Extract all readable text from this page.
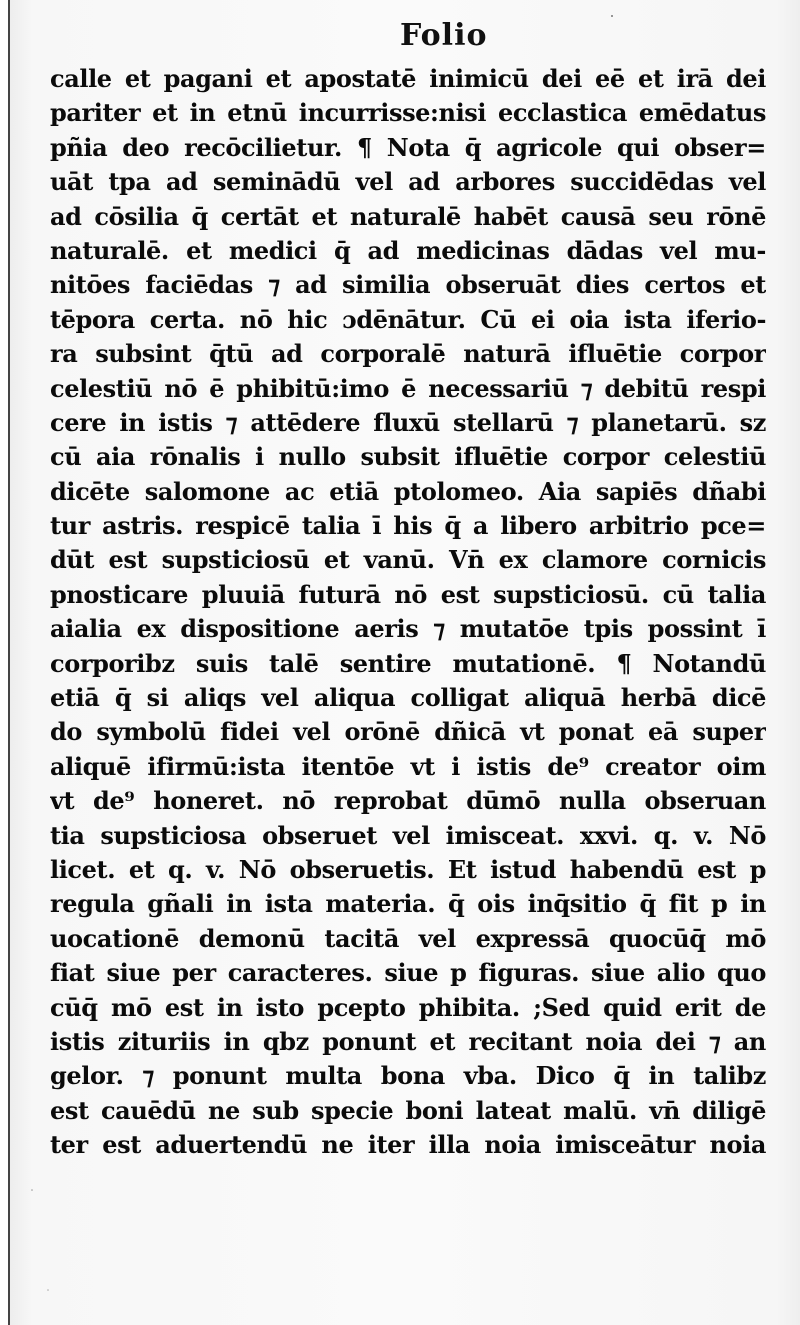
Folio
calle et pagani et apostatē inimicū dei eē et irā dei
pariter et in etnū incurrisse:nisi ecclastica emēdatus
pñia deo recōcilietur. ¶ Nota q̄ agricole qui obser=
uāt tpa ad seminādū vel ad arbores succidēdas vel
ad cōsilia q̄ certāt et naturalē habēt causā seu rōnē
naturalē. et medici q̄ ad medicinas dādas vel mu-
nitōes faciēdas ⁊ ad similia obseruāt dies certos et
tēpora certa. nō hic ɔdēnātur. Cū ei oia ista iferio-
ra subsint q̄tū ad corporalē naturā ifluētie corpor
celestiū nō ē phibitū:imo ē necessariū ⁊ debitū respi
cere in istis ⁊ attēdere fluxū stellarū ⁊ planetarū. sz
cū aia rōnalis i nullo subsit ifluētie corpor celestiū
dicēte salomone ac etiā ptolomeo. Aia sapiēs dñabi
tur astris. respicē talia ī his q̄ a libero arbitrio pce=
dūt est supsticiosū et vanū. Vn̄ ex clamore cornicis
pnosticare pluuiā futurā nō est supsticiosū. cū talia
aialia ex dispositione aeris ⁊ mutatōe tpis possint ī
corporibz suis talē sentire mutationē. ¶ Notandū
etiā q̄ si aliqs vel aliqua colligat aliquā herbā dicē
do symbolū fidei vel orōnē dñicā vt ponat eā super
aliquē ifirmū:ista itentōe vt i istis de⁹ creator oim
vt de⁹ honeret. nō reprobat dūmō nulla obseruan
tia supsticiosa obseruet vel imisceat. xxvi. q. v. Nō
licet. et q. v. Nō obseruetis. Et istud habendū est p
regula gñali in ista materia. q̄ ois inq̄sitio q̄ fit p in
uocationē demonū tacitā vel expressā quocūq̄ mō
fiat siue per caracteres. siue p figuras. siue alio quo
cūq̄ mō est in isto pcepto phibita. ;Sed quid erit de
istis zituriis in qbz ponunt et recitant noia dei ⁊ an
gelor. ⁊ ponunt multa bona vba. Dico q̄ in talibz
est cauēdū ne sub specie boni lateat malū. vn̄ diligē
ter est aduertendū ne iter illa noia imisceātur noia
